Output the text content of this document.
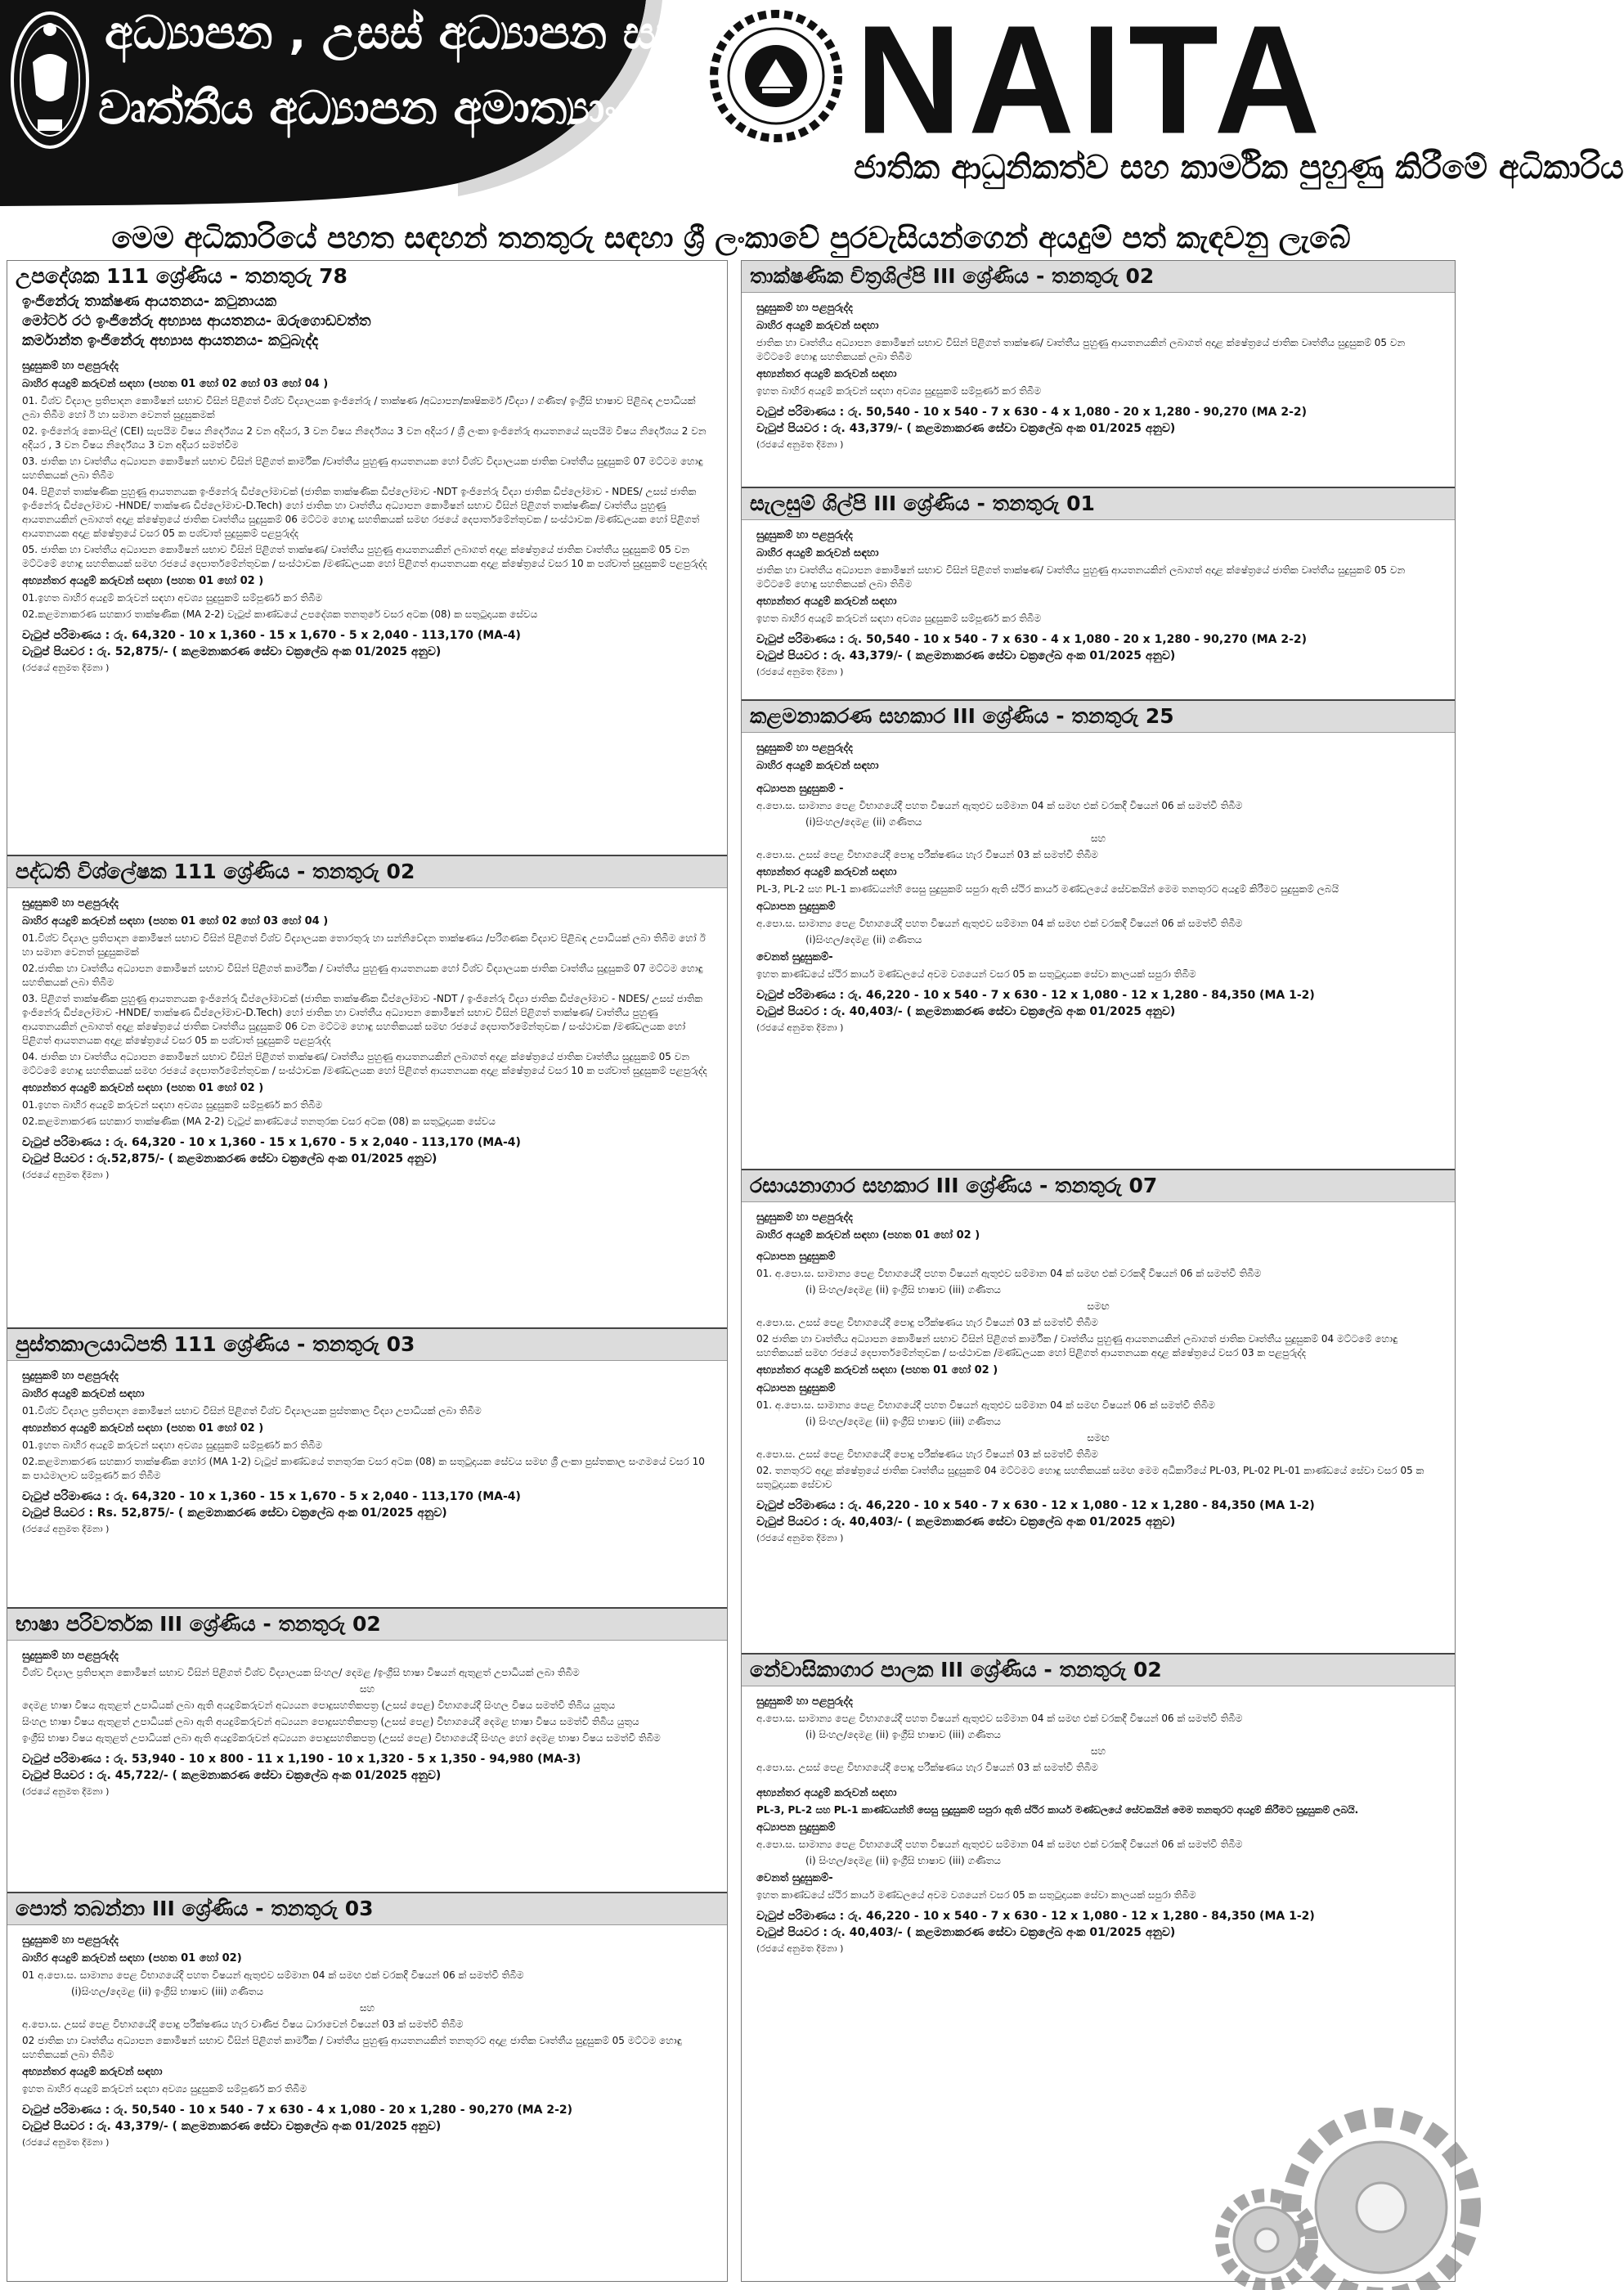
අධ්‍යාපන , උසස් අධ්‍යාපන සහ
වෘත්තීය අධ්‍යාපන අමාත්‍යාංශය NAITA
ජාතික ආධුනිකත්ව සහ කාර්මික පුහුණු කිරීමේ අධිකාරිය
මෙම අධිකාරියේ පහත සඳහන් තනතුරු සඳහා ශ්‍රී ලංකාවේ පුරවැසියන්ගෙන් අයදුම් පත් කැඳවනු ලැබේ
උපදේශක 111 ශ්‍රේණිය - තනතුරු 78
ඉංජිනේරු තාක්ෂණ ආයතනය- කටුනායක
මෝටර් රථ ඉංජිනේරු අභ්‍යාස ආයතනය- ඔරුගොඩවත්ත
කර්මාන්ත ඉංජිනේරු අභ්‍යාස ආයතනය- කටුබැද්ද
සුදුසුකම් හා පළපුරුද්ද
බාහිර අයදුම් කරුවන් සඳහා (පහත 01 හෝ 02 හෝ 03 හෝ 04 )
01. විශ්ව විද්‍යාල ප්‍රතිපාදන කොමිෂන් සභාව විසින් පිළිගත් විශ්ව විද්‍යාලයක ඉංජිනේරු / තාක්ෂණ /අධ්‍යාපන/කෘෂිකර්ම /විද්‍යා / ගණිත/ ඉංග්‍රීසි භාෂාව පිළිබඳ උපාධියක් ලබා තිබීම හෝ ඊ හා සමාන වෙනත් සුදුසුකමක්
02. ඉංජිනේරු කොංසිල් (CEI) සැපයීම විෂය නිර්දේශය 2 වන අදියර, 3 වන විෂය නිර්දේශය 3 වන අදියර / ශ්‍රී ලංකා ඉංජිනේරු ආයතනයේ සැපයීම විෂය නිර්දේශය 2 වන අදියර , 3 වන විෂය නිර්දේශය 3 වන අදියර සමත්වීම
03. ජාතික හා වෘත්තීය අධ්‍යාපන කොමිෂන් සභාව විසින් පිළිගත් කාර්මික /වෘත්තීය පුහුණු ආයතනයක හෝ විශ්ව විද්‍යාලයක ජාතික වෘත්තීය සුදුසුකම් 07 මට්ටම හොඳු සහතිකයක් ලබා තිබීම
04. පිළිගත් තාක්ෂණික පුහුණු ආයතනයක ඉංජිනේරු ඩිප්ලෝමාවක් (ජාතික තාක්ෂණික ඩිප්ලෝමාව -NDT ඉංජිනේරු විද්‍යා ජාතික ඩිප්ලෝමාව - NDES/ උසස් ජාතික ඉංජිනේරු ඩිප්ලෝමාව -HNDE/ තාක්ෂණ ඩිප්ලෝමාව-D.Tech) හෝ ජාතික හා වෘත්තීය අධ්‍යාපන කොමිෂන් සභාව විසින් පිළිගත් තාක්ෂණික/ වෘත්තීය පුහුණු ආයතනයකින් ලබාගත් අදාළ ක්ෂේත්‍රයේ ජාතික වෘත්තීය සුදුසුකම් 06 මට්ටම හොඳු සහතිකයක් සමඟ රජයේ දෙපාර්තමේන්තුවක / සංස්ථාවක /මණ්ඩලයක හෝ පිළිගත් ආයතනයක අදාළ ක්ෂේත්‍රයේ වසර 05 ක පශ්චාත් සුදුසුකම් පළපුරුද්ද
05. ජාතික හා වෘත්තීය අධ්‍යාපන කොමිෂන් සභාව විසින් පිළිගත් තාක්ෂණ/ වෘත්තීය පුහුණු ආයතනයකින් ලබාගත් අදාළ ක්ෂේත්‍රයේ ජාතික වෘත්තීය සුදුසුකම් 05 වන මට්ටමේ හොඳු සහතිකයක් සමඟ රජයේ දෙපාර්තමේන්තුවක / සංස්ථාවක /මණ්ඩලයක හෝ පිළිගත් ආයතනයක අදාළ ක්ෂේත්‍රයේ වසර 10 ක පශ්චාත් සුදුසුකම් පළපුරුද්ද
අභ්‍යන්තර අයදුම් කරුවන් සඳහා (පහත 01 හෝ 02 )
01.ඉහත බාහිර අයදුම් කරුවන් සඳහා අවශ්‍ය සුදුසුකම් සම්පූර්ණ කර තිබීම
02.කළමනාකරණ සහකාර තාක්ෂණික (MA 2-2) වැටුප් කාණ්ඩයේ උපදේශක තනතුරේ වසර අටක (08) ක සතුටුදායක සේවය
වැටුප් පරිමාණය : රු. 64,320 - 10 x 1,360 - 15 x 1,670 - 5 x 2,040 - 113,170 (MA-4)
වැටුප් පියවර : රු. 52,875/- ( කළමනාකරණ සේවා චක්‍රලේඛ අංක 01/2025 අනුව)
(රජයේ අනුමත දීමනා )
පද්ධති විශ්ලේෂක 111 ශ්‍රේණිය - තනතුරු 02
සුදුසුකම් හා පළපුරුද්ද
බාහිර අයදුම් කරුවන් සඳහා (පහත 01 හෝ 02 හෝ 03 හෝ 04 )
01.විශ්ව විද්‍යාල ප්‍රතිපාදන කොමිෂන් සභාව විසින් පිළිගත් විශ්ව විද්‍යාලයක තොරතුරු හා සන්නිවේදන තාක්ෂණය /පරිගණක විද්‍යාව පිළිබඳ උපාධියක් ලබා තිබීම හෝ ඊ හා සමාන වෙනත් සුදුසුකමක්
02.ජාතික හා වෘත්තීය අධ්‍යාපන කොමිෂන් සභාව විසින් පිළිගත් කාර්මික / වෘත්තීය පුහුණු ආයතනයක හෝ විශ්ව විද්‍යාලයක ජාතික වෘත්තීය සුදුසුකම් 07 මට්ටම හොඳු සහතිකයක් ලබා තිබීම
03. පිළිගත් තාක්ෂණික පුහුණු ආයතනයක ඉංජිනේරු ඩිප්ලෝමාවක් (ජාතික තාක්ෂණික ඩිප්ලෝමාව -NDT / ඉංජිනේරු විද්‍යා ජාතික ඩිප්ලෝමාව - NDES/ උසස් ජාතික ඉංජිනේරු ඩිප්ලෝමාව -HNDE/ තාක්ෂණ ඩිප්ලෝමාව-D.Tech) හෝ ජාතික හා වෘත්තීය අධ්‍යාපන කොමිෂන් සභාව විසින් පිළිගත් තාක්ෂණ/ වෘත්තීය පුහුණු ආයතනයකින් ලබාගත් අදාළ ක්ෂේත්‍රයේ ජාතික වෘත්තීය සුදුසුකම් 06 වන මට්ටම හොඳු සහතිකයක් සමඟ රජයේ දෙපාර්තමේන්තුවක / සංස්ථාවක /මණ්ඩලයක හෝ පිළිගත් ආයතනයක අදාළ ක්ෂේත්‍රයේ වසර 05 ක පශ්චාත් සුදුසුකම් පළපුරුද්ද
04. ජාතික හා වෘත්තීය අධ්‍යාපන කොමිෂන් සභාව විසින් පිළිගත් තාක්ෂණ/ වෘත්තීය පුහුණු ආයතනයකින් ලබාගත් අදාළ ක්ෂේත්‍රයේ ජාතික වෘත්තීය සුදුසුකම් 05 වන මට්ටමේ හොඳු සහතිකයක් සමඟ රජයේ දෙපාර්තමේන්තුවක / සංස්ථාවක /මණ්ඩලයක හෝ පිළිගත් ආයතනයක අදාළ ක්ෂේත්‍රයේ වසර 10 ක පශ්චාත් සුදුසුකම් පළපුරුද්ද
අභ්‍යන්තර අයදුම් කරුවන් සඳහා (පහත 01 හෝ 02 )
01.ඉහත බාහිර අයදුම් කරුවන් සඳහා අවශ්‍ය සුදුසුකම් සම්පූර්ණ කර තිබීම
02.කළමනාකරණ සහකාර තාක්ෂණික (MA 2-2) වැටුප් කාණ්ඩයේ තනතුරක වසර අටක (08) ක සතුටුදායක සේවය
වැටුප් පරිමාණය : රු. 64,320 - 10 x 1,360 - 15 x 1,670 - 5 x 2,040 - 113,170 (MA-4)
වැටුප් පියවර : රු.52,875/- ( කළමනාකරණ සේවා චක්‍රලේඛ අංක 01/2025 අනුව)
(රජයේ අනුමත දීමනා )
පුස්තකාලයාධිපති 111 ශ්‍රේණිය - තනතුරු 03
සුදුසුකම් හා පළපුරුද්ද
බාහිර අයදුම් කරුවන් සඳහා
01.විශ්ව විද්‍යාල ප්‍රතිපාදන කොමිෂන් සභාව විසින් පිළිගත් විශ්ව විද්‍යාලයක පුස්තකාල විද්‍යා උපාධියක් ලබා තිබීම
අභ්‍යන්තර අයදුම් කරුවන් සඳහා (පහත 01 හෝ 02 )
01.ඉහත බාහිර අයදුම් කරුවන් සඳහා අවශ්‍ය සුදුසුකම් සම්පූර්ණ කර තිබීම
02.කළමනාකරණ සහකාර තාක්ෂණික හෝර (MA 1-2) වැටුප් කාණ්ඩයේ තනතුරක වසර අටක (08) ක සතුටුදායක සේවය සමඟ ශ්‍රී ලංකා පුස්තකාල සංගමයේ වසර 10 ක පාඨමාලාව සම්පූර්ණ කර තිබීම
වැටුප් පරිමාණය : රු. 64,320 - 10 x 1,360 - 15 x 1,670 - 5 x 2,040 - 113,170 (MA-4)
වැටුප් පියවර : Rs. 52,875/- ( කළමනාකරණ සේවා චක්‍රලේඛ අංක 01/2025 අනුව)
(රජයේ අනුමත දීමනා )
භාෂා පරිවර්තක III ශ්‍රේණිය - තනතුරු 02
සුදුසුකම් හා පළපුරුද්ද
විශ්ව විද්‍යාල ප්‍රතිපාදන කොමිෂන් සභාව විසින් පිළිගත් විශ්ව විද්‍යාලයක සිංහල/ දෙමළ /ඉංග්‍රීසි භාෂා විෂයන් ඇතුළත් උපාධියක් ලබා තිබීම
සහ
දෙමළ භාෂා විෂය ඇතුළත් උපාධියක් ලබා ඇති අයදුම්කරුවන් අධ්‍යයන පොදුසහතිකපත්‍ර (උසස් පෙළ) විභාගයේදී සිංහල විෂය සමත්වී තිබිය යුතුය
සිංහල භාෂා විෂය ඇතුළත් උපාධියක් ලබා ඇති අයදුම්කරුවන් අධ්‍යයන පොදුසහතිකපත්‍ර (උසස් පෙළ) විභාගයේදී දෙමළ භාෂා විෂය සමත්වී තිබිය යුතුය
ඉංග්‍රීසි භාෂා විෂය ඇතුළත් උපාධියක් ලබා ඇති අයදුම්කරුවන් අධ්‍යයන පොදුසහතිකපත්‍ර (උසස් පෙළ) විභාගයේදී සිංහල හෝ දෙමළ භාෂා විෂය සමත්වී තිබීම
වැටුප් පරිමාණය : රු. 53,940 - 10 x 800 - 11 x 1,190 - 10 x 1,320 - 5 x 1,350 - 94,980 (MA-3)
වැටුප් පියවර : රු. 45,722/- ( කළමනාකරණ සේවා චක්‍රලේඛ අංක 01/2025 අනුව)
(රජයේ අනුමත දීමනා )
පොත් තබන්නා III ශ්‍රේණිය - තනතුරු 03
සුදුසුකම් හා පළපුරුද්ද
බාහිර අයදුම් කරුවන් සඳහා (පහත 01 හෝ 02)
01 අ.පො.ස. සාමාන්‍ය පෙළ විභාගයේදී පහත විෂයන් ඇතුළුව සම්මාන 04 ක් සමඟ එක් වරකදී විෂයන් 06 ක් සමත්වී තිබීම
(i)සිංහල/දෙමළ (ii) ඉංග්‍රීසි භාෂාව (iii) ගණිතය
සහ
අ.පො.ස. උසස් පෙළ විභාගයේදී පොදු පරීක්ෂණය හැර වාණිජ විෂය ධාරාවෙන් විෂයන් 03 ක් සමත්වී තිබීම
02 ජාතික හා වෘත්තීය අධ්‍යාපන කොමිෂන් සභාව විසින් පිළිගත් කාර්මික / වෘත්තීය පුහුණු ආයතනයකින් තනතුරට අදාළ ජාතික වෘත්තීය සුදුසුකම් 05 මට්ටම හොඳු සහතිකයක් ලබා තිබීම
අභ්‍යන්තර අයදුම් කරුවන් සඳහා
ඉහත බාහිර අයදුම් කරුවන් සඳහා අවශ්‍ය සුදුසුකම් සම්පූර්ණ කර තිබීම
වැටුප් පරිමාණය : රු. 50,540 - 10 x 540 - 7 x 630 - 4 x 1,080 - 20 x 1,280 - 90,270 (MA 2-2)
වැටුප් පියවර : රු. 43,379/- ( කළමනාකරණ සේවා චක්‍රලේඛ අංක 01/2025 අනුව)
(රජයේ අනුමත දීමනා )
තාක්ෂණික චිත්‍රශිල්පි III ශ්‍රේණිය - තනතුරු 02
සුදුසුකම් හා පළපුරුද්ද
බාහිර අයදුම් කරුවන් සඳහා
ජාතික හා වෘත්තීය අධ්‍යාපන කොමිෂන් සභාව විසින් පිළිගත් තාක්ෂණ/ වෘත්තීය පුහුණු ආයතනයකින් ලබාගත් අදාළ ක්ෂේත්‍රයේ ජාතික වෘත්තීය සුදුසුකම් 05 වන මට්ටමේ හොඳු සහතිකයක් ලබා තිබීම
අභ්‍යන්තර අයදුම් කරුවන් සඳහා
ඉහත බාහිර අයදුම් කරුවන් සඳහා අවශ්‍ය සුදුසුකම් සම්පූර්ණ කර තිබීම
වැටුප් පරිමාණය : රු. 50,540 - 10 x 540 - 7 x 630 - 4 x 1,080 - 20 x 1,280 - 90,270 (MA 2-2)
වැටුප් පියවර : රු. 43,379/- ( කළමනාකරණ සේවා චක්‍රලේඛ අංක 01/2025 අනුව)
(රජයේ අනුමත දීමනා )
සැලසුම් ශිල්පි III ශ්‍රේණිය - තනතුරු 01
සුදුසුකම් හා පළපුරුද්ද
බාහිර අයදුම් කරුවන් සඳහා
ජාතික හා වෘත්තීය අධ්‍යාපන කොමිෂන් සභාව විසින් පිළිගත් තාක්ෂණ/ වෘත්තීය පුහුණු ආයතනයකින් ලබාගත් අදාළ ක්ෂේත්‍රයේ ජාතික වෘත්තීය සුදුසුකම් 05 වන මට්ටමේ හොඳු සහතිකයක් ලබා තිබීම
අභ්‍යන්තර අයදුම් කරුවන් සඳහා
ඉහත බාහිර අයදුම් කරුවන් සඳහා අවශ්‍ය සුදුසුකම් සම්පූර්ණ කර තිබීම
වැටුප් පරිමාණය : රු. 50,540 - 10 x 540 - 7 x 630 - 4 x 1,080 - 20 x 1,280 - 90,270 (MA 2-2)
වැටුප් පියවර : රු. 43,379/- ( කළමනාකරණ සේවා චක්‍රලේඛ අංක 01/2025 අනුව)
(රජයේ අනුමත දීමනා )
කළමනාකරණ සහකාර III ශ්‍රේණිය - තනතුරු 25
සුදුසුකම් හා පළපුරුද්ද
බාහිර අයදුම් කරුවන් සඳහා
අධ්‍යාපන සුදුසුකම් -
අ.පො.ස. සාමාන්‍ය පෙළ විභාගයේදී පහත විෂයන් ඇතුළුව සම්මාන 04 ක් සමඟ එක් වරකදී විෂයන් 06 ක් සමත්වී තිබීම
(i)සිංහල/දෙමළ (ii) ගණිතය
සහ
අ.පො.ස. උසස් පෙළ විභාගයේදී පොදු පරීක්ෂණය හැර විෂයන් 03 ක් සමත්වී තිබීම
අභ්‍යන්තර අයදුම් කරුවන් සඳහා
PL-3, PL-2 සහ PL-1 කාණ්ඩයන්හි සෙසු සුදුසුකම් සපුරා ඇති ස්ථිර කාර්ය මණ්ඩලයේ සේවකයින් මෙම තනතුරට අයදුම් කිරීමට සුදුසුකම් ලබයි
අධ්‍යාපන සුදුසුකම්
අ.පො.ස. සාමාන්‍ය පෙළ විභාගයේදී පහත විෂයන් ඇතුළුව සම්මාන 04 ක් සමඟ එක් වරකදී විෂයන් 06 ක් සමත්වී තිබීම
(i)සිංහල/දෙමළ (ii) ගණිතය
වෙනත් සුදුසුකම්-
ඉහත කාණ්ඩයේ ස්ථිර කාර්ය මණ්ඩලයේ අවම වශයෙන් වසර 05 ක සතුටුදායක සේවා කාලයක් සපුරා තිබීම
වැටුප් පරිමාණය : රු. 46,220 - 10 x 540 - 7 x 630 - 12 x 1,080 - 12 x 1,280 - 84,350 (MA 1-2)
වැටුප් පියවර : රු. 40,403/- ( කළමනාකරණ සේවා චක්‍රලේඛ අංක 01/2025 අනුව)
(රජයේ අනුමත දීමනා )
රසායනාගාර සහකාර III ශ්‍රේණිය - තනතුරු 07
සුදුසුකම් හා පළපුරුද්ද
බාහිර අයදුම් කරුවන් සඳහා (පහත 01 හෝ 02 )
අධ්‍යාපන සුදුසුකම්
01. අ.පො.ස. සාමාන්‍ය පෙළ විභාගයේදී පහත විෂයන් ඇතුළුව සම්මාන 04 ක් සමඟ එක් වරකදී විෂයන් 06 ක් සමත්වී තිබීම
(i) සිංහල/දෙමළ (ii) ඉංග්‍රීසි භාෂාව (iii) ගණිතය
සමඟ
අ.පො.ස. උසස් පෙළ විභාගයේදී පොදු පරීක්ෂණය හැර විෂයන් 03 ක් සමත්වී තිබීම
02 ජාතික හා වෘත්තීය අධ්‍යාපන කොමිෂන් සභාව විසින් පිළිගත් කාර්මික / වෘත්තීය පුහුණු ආයතනයකින් ලබාගත් ජාතික වෘත්තීය සුදුසුකම් 04 මට්ටමේ හොඳු සහතිකයක් සමඟ රජයේ දෙපාර්තමේන්තුවක / සංස්ථාවක /මණ්ඩලයක හෝ පිළිගත් ආයතනයක අදාළ ක්ෂේත්‍රයේ වසර 03 ක පළපුරුද්ද
අභ්‍යන්තර අයදුම් කරුවන් සඳහා (පහත 01 හෝ 02 )
අධ්‍යාපන සුදුසුකම්
01. අ.පො.ස. සාමාන්‍ය පෙළ විභාගයේදී පහත විෂයන් ඇතුළුව සම්මාන 04 ක් සමඟ විෂයන් 06 ක් සමත්වී තිබීම
(i) සිංහල/දෙමළ (ii) ඉංග්‍රීසි භාෂාව (iii) ගණිතය
සමඟ
අ.පො.ස. උසස් පෙළ විභාගයේදී පොදු පරීක්ෂණය හැර විෂයන් 03 ක් සමත්වී තිබීම
02. තනතුරට අදාළ ක්ෂේත්‍රයේ ජාතික වෘත්තීය සුදුසුකම් 04 මට්ටමට හොඳු සහතිකයක් සමඟ මෙම අධිකාරියේ PL-03, PL-02 PL-01 කාණ්ඩයේ සේවා වසර 05 ක සතුටුදායක සේවාව
වැටුප් පරිමාණය : රු. 46,220 - 10 x 540 - 7 x 630 - 12 x 1,080 - 12 x 1,280 - 84,350 (MA 1-2)
වැටුප් පියවර : රු. 40,403/- ( කළමනාකරණ සේවා චක්‍රලේඛ අංක 01/2025 අනුව)
(රජයේ අනුමත දීමනා )
නේවාසිකාගාර පාලක III ශ්‍රේණිය - තනතුරු 02
සුදුසුකම් හා පළපුරුද්ද
අ.පො.ස. සාමාන්‍ය පෙළ විභාගයේදී පහත විෂයන් ඇතුළුව සම්මාන 04 ක් සමඟ එක් වරකදී විෂයන් 06 ක් සමත්වී තිබීම
(i) සිංහල/දෙමළ (ii) ඉංග්‍රීසි භාෂාව (iii) ගණිතය
සහ
අ.පො.ස. උසස් පෙළ විභාගයේදී පොදු පරීක්ෂණය හැර විෂයන් 03 ක් සමත්වී තිබීම
අභ්‍යන්තර අයදුම් කරුවන් සඳහා
PL-3, PL-2 සහ PL-1 කාණ්ඩයන්හි සෙසු සුදුසුකම් සපුරා ඇති ස්ථිර කාර්ය මණ්ඩලයේ සේවකයින් මෙම තනතුරට අයදුම් කිරීමට සුදුසුකම් ලබයි.
අධ්‍යාපන සුදුසුකම්
අ.පො.ස. සාමාන්‍ය පෙළ විභාගයේදී පහත විෂයන් ඇතුළුව සම්මාන 04 ක් සමඟ එක් වරකදී විෂයන් 06 ක් සමත්වී තිබීම
(i) සිංහල/දෙමළ (ii) ඉංග්‍රීසි භාෂාව (iii) ගණිතය
වෙනත් සුදුසුකම්-
ඉහත කාණ්ඩයේ ස්ථිර කාර්ය මණ්ඩලයේ අවම වශයෙන් වසර 05 ක සතුටුදායක සේවා කාලයක් සපුරා තිබීම
වැටුප් පරිමාණය : රු. 46,220 - 10 x 540 - 7 x 630 - 12 x 1,080 - 12 x 1,280 - 84,350 (MA 1-2)
වැටුප් පියවර : රු. 40,403/- ( කළමනාකරණ සේවා චක්‍රලේඛ අංක 01/2025 අනුව)
(රජයේ අනුමත දීමනා )
